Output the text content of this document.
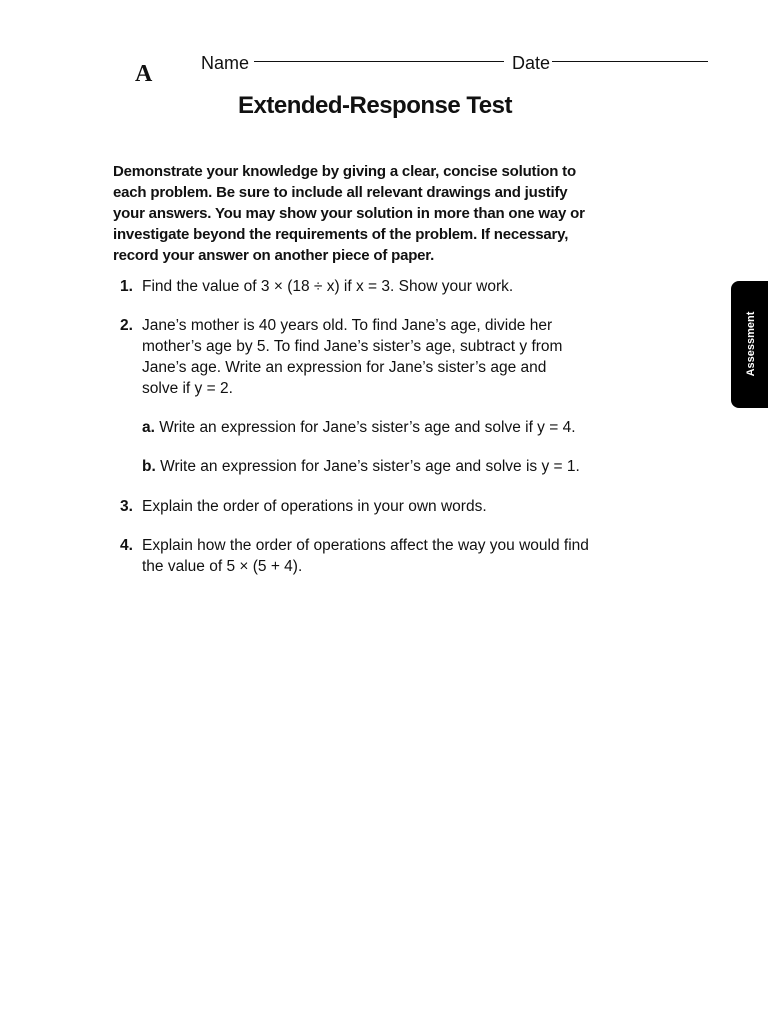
A	Name	Date
Extended-Response Test
Demonstrate your knowledge by giving a clear, concise solution to each problem. Be sure to include all relevant drawings and justify your answers. You may show your solution in more than one way or investigate beyond the requirements of the problem. If necessary, record your answer on another piece of paper.
1. Find the value of 3 × (18 ÷ x) if x = 3. Show your work.
2. Jane’s mother is 40 years old. To find Jane’s age, divide her mother’s age by 5. To find Jane’s sister’s age, subtract y from Jane’s age. Write an expression for Jane’s sister’s age and solve if y = 2.
a. Write an expression for Jane’s sister’s age and solve if y = 4.
b. Write an expression for Jane’s sister’s age and solve is y = 1.
3. Explain the order of operations in your own words.
4. Explain how the order of operations affect the way you would find the value of 5 × (5 + 4).
Assessment
